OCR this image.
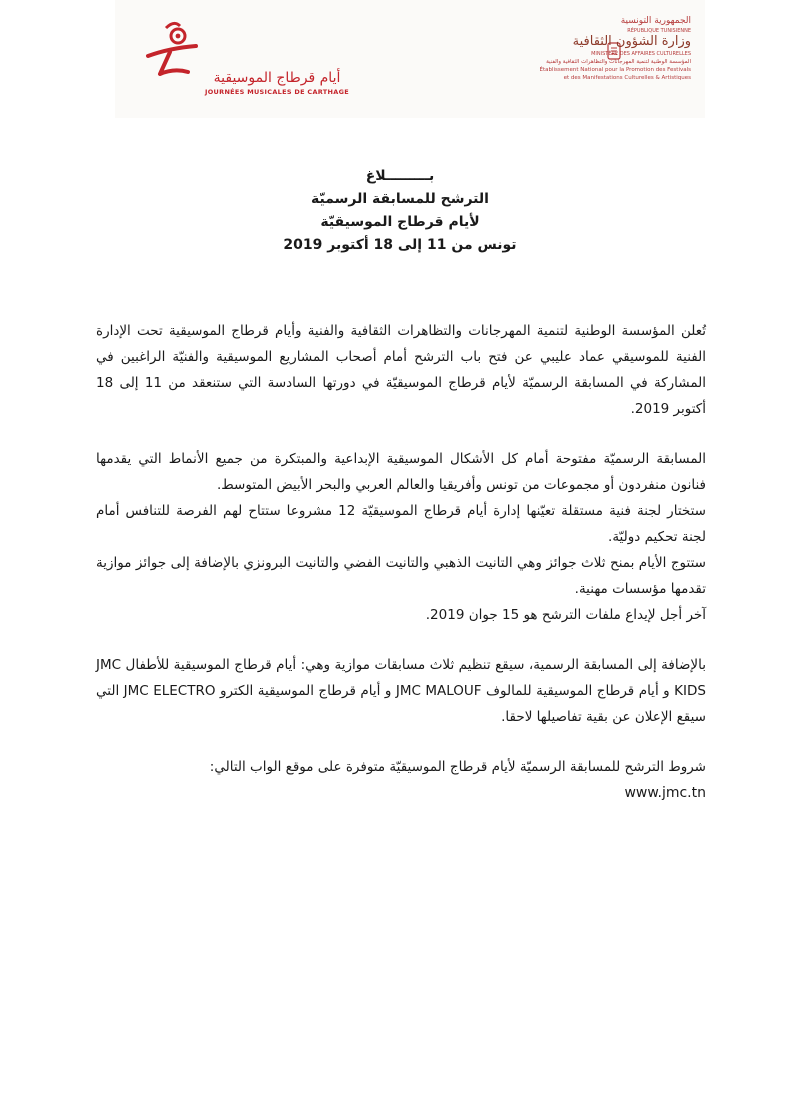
أيام قرطاج الموسيقية
JOURNÉES MUSICALES DE CARTHAGE
الجمهورية التونسية
RÉPUBLIQUE TUNISIENNE
وزارة الشؤون الثقافية
MINISTÈRE DES AFFAIRES CULTURELLES
المؤسسة الوطنية لتنمية المهرجانات والتظاهرات الثقافية والفنية
Établissement National pour la Promotion des Festivals
et des Manifestations Culturelles & Artistiques
بـــــــــلاغ
الترشح للمسابقة الرسميّة
لأيام قرطاج الموسيقيّة
تونس من 11 إلى 18 أكتوبر 2019

تُعلن المؤسسة الوطنية لتنمية المهرجانات والتظاهرات الثقافية والفنية وأيام قرطاج الموسيقية تحت الإدارة الفنية للموسيقي عماد عليبي عن فتح باب الترشح أمام أصحاب المشاريع الموسيقية والفنيّة الراغبين في المشاركة في المسابقة الرسميّة لأيام قرطاج الموسيقيّة في دورتها السادسة التي ستنعقد من 11 إلى 18 أكتوبر 2019.

المسابقة الرسميّة مفتوحة أمام كل الأشكال الموسيقية الإبداعية والمبتكرة من جميع الأنماط التي يقدمها فنانون منفردون أو مجموعات من تونس وأفريقيا والعالم العربي والبحر الأبيض المتوسط.

ستختار لجنة فنية مستقلة تعيّنها إدارة أيام قرطاج الموسيقيّة 12 مشروعا ستتاح لهم الفرصة للتنافس أمام لجنة تحكيم دوليّة.

ستتوج الأيام بمنح ثلاث جوائز وهي التانيت الذهبي والتانيت الفضي والتانيت البرونزي بالإضافة إلى جوائز موازية تقدمها مؤسسات مهنية.

آخر أجل لإيداع ملفات الترشح هو 15 جوان 2019.

بالإضافة إلى المسابقة الرسمية، سيقع تنظيم ثلاث مسابقات موازية وهي: أيام قرطاج الموسيقية للأطفال JMC KIDS و أيام قرطاج الموسيقية للمالوف JMC MALOUF و أيام قرطاج الموسيقية الكترو JMC ELECTRO التي سيقع الإعلان عن بقية تفاصيلها لاحقا.

شروط الترشح للمسابقة الرسميّة لأيام قرطاج الموسيقيّة متوفرة على موقع الواب التالي:

www.jmc.tn
